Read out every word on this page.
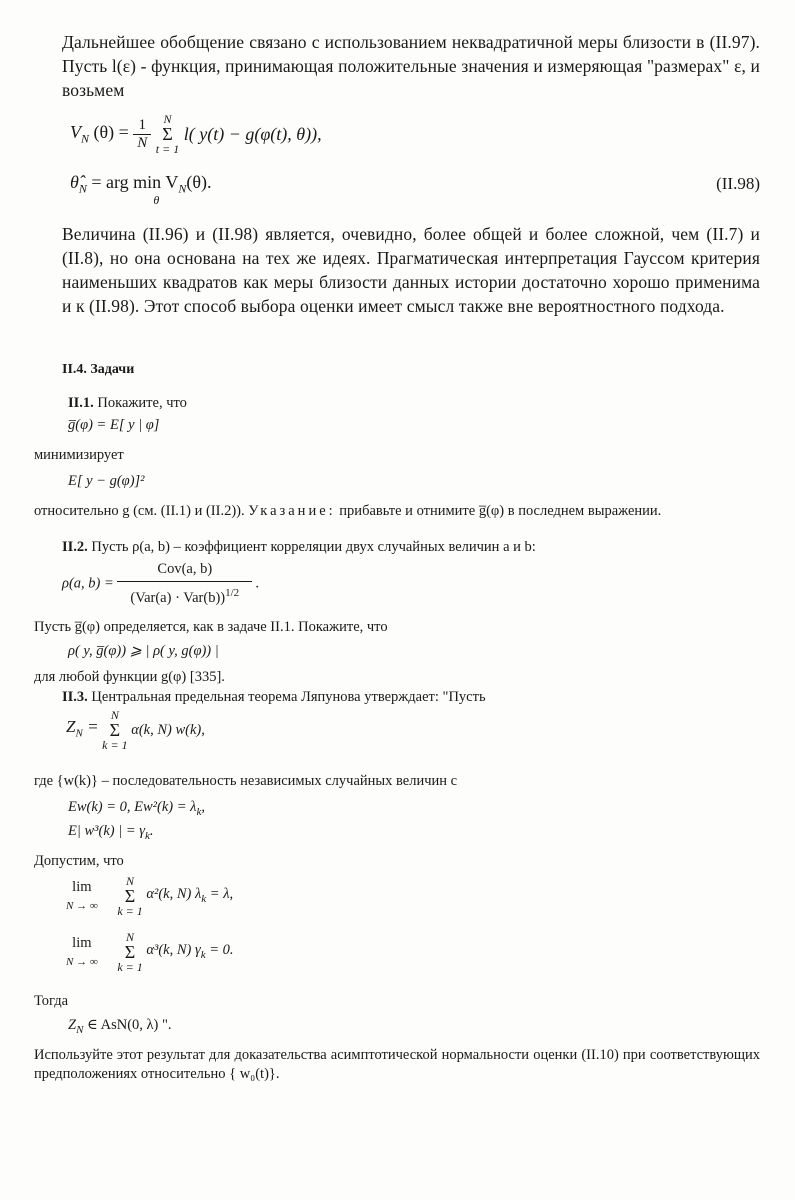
Дальнейшее обобщение связано с использованием неквадратичной меры близости в (II.97). Пусть l(ε) - функция, принимающая положительные значения и измеряющая "размерах" ε, и возьмем
$V_N$ $(\theta) = \frac{1}{N}$
	N
Σ
t = 1
l( y(t) − g(φ(t), θ)),
$\thetâ_N$ = arg $\min V_N(\theta)$.
θ
(II.98)
Величина (II.96) и (II.98) является, очевидно, более общей и более сложной, чем (II.7) и (II.8), но она основана на тех же идеях. Прагматическая интерпретация Гауссом критерия наименьших квадратов как меры близости данных истории достаточно хорошо применима и к (II.98). Этот способ выбора оценки имеет смысл также вне вероятностного подхода.
II.4. Задачи
II.1. Покажите, что
g̅(φ) = E[ y | φ]
минимизирует
E[ y − g(φ)]²
относительно g (см. (II.1) и (II.2)). Указание: прибавьте и отнимите g̅(φ) в последнем выражении.
II.2. Пусть ρ(a, b) – коэффициент корреляции двух случайных величин a и b:
ρ(a, $b) = \frac{\text{Cov(a, b)}}{(Var(a) \cdot Var(b))^{1/2}}$ .
Пусть g̅(φ) определяется, как в задаче II.1. Покажите, что
ρ( y, g̅(φ)) ⩾ | ρ( y, g(φ)) |
для любой функции g(φ) [335].
II.3. Центральная предельная теорема Ляпунова утверждает: "Пусть
$Z_N$ =
N
Σ
k = 1
α(k, N) w(k),
где {w(k)} – последовательность независимых случайных величин с
Ew(k) = 0, $Ew^2(k) = \lambda_k$,
E| w³(k) | = $\gamma_k$.
Допустим, что
lim
N → ∞

N
Σ
k = 1
α²(k, N) $\lambda_k = \lambda$,
lim
N → ∞

N
Σ
k = 1
α³(k, N) $\gamma_k = 0$.
Тогда
$Z_N$ ∈ AsN(0, λ) ".
Используйте этот результат для доказательства асимптотической нормальности оценки (II.10) при соответствующих предположениях относительно { w₀(t)}.
